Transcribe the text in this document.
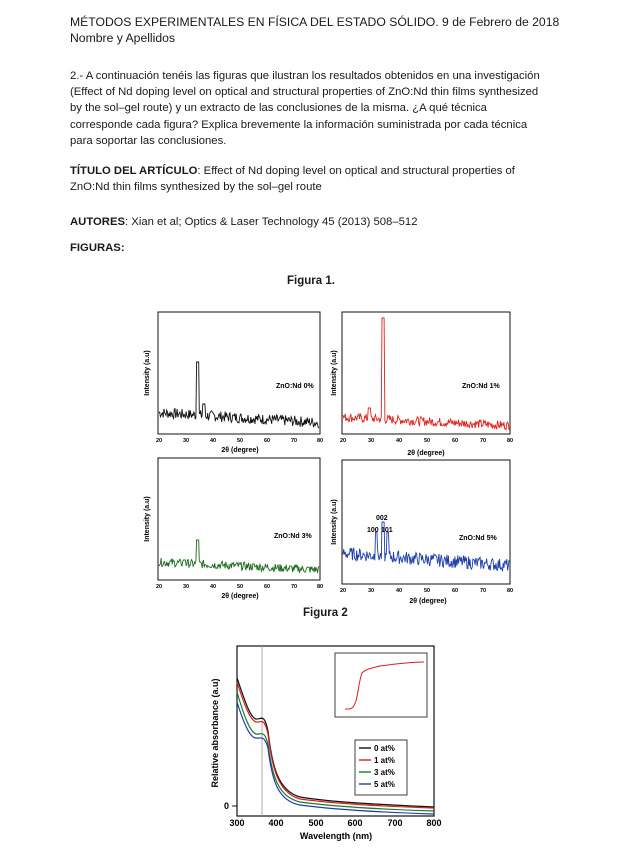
MÉTODOS EXPERIMENTALES EN FÍSICA DEL ESTADO SÓLIDO. 9 de Febrero de 2018
Nombre y Apellidos
2.- A continuación tenéis las figuras que ilustran los resultados obtenidos en una investigación
(Effect of Nd doping level on optical and structural properties of ZnO:Nd thin films synthesized
by the sol–gel route) y un extracto de las conclusiones de la misma. ¿A qué técnica
corresponde cada figura? Explica brevemente la información suministrada por cada técnica
para soportar las conclusiones.
TÍTULO DEL ARTÍCULO: Effect of Nd doping level on optical and structural properties of
ZnO:Nd thin films synthesized by the sol–gel route
AUTORES: Xian et al; Optics & Laser Technology 45 (2013) 508–512
FIGURAS:
Figura 1.
Intensity (a.u)	ZnO:Nd 0%
20	30	40	50	60	70	80
2θ (degree)
Intensity (a.u)	ZnO:Nd 1%
20	30	40	50	60	70	80
2θ (degree)
Intensity (a.u)	ZnO:Nd 3%
20	30	40	50	60	70	80
2θ (degree)
Intensity (a.u)	100
002
101
ZnO:Nd 5%
20	30	40	50	60	70	80
2θ (degree)
Figura 2
0
0 at%
1 at%
3 at%
5 at%
Relative absorbance (a.u)
300	400	500	600	700	800
Wavelength (nm)
